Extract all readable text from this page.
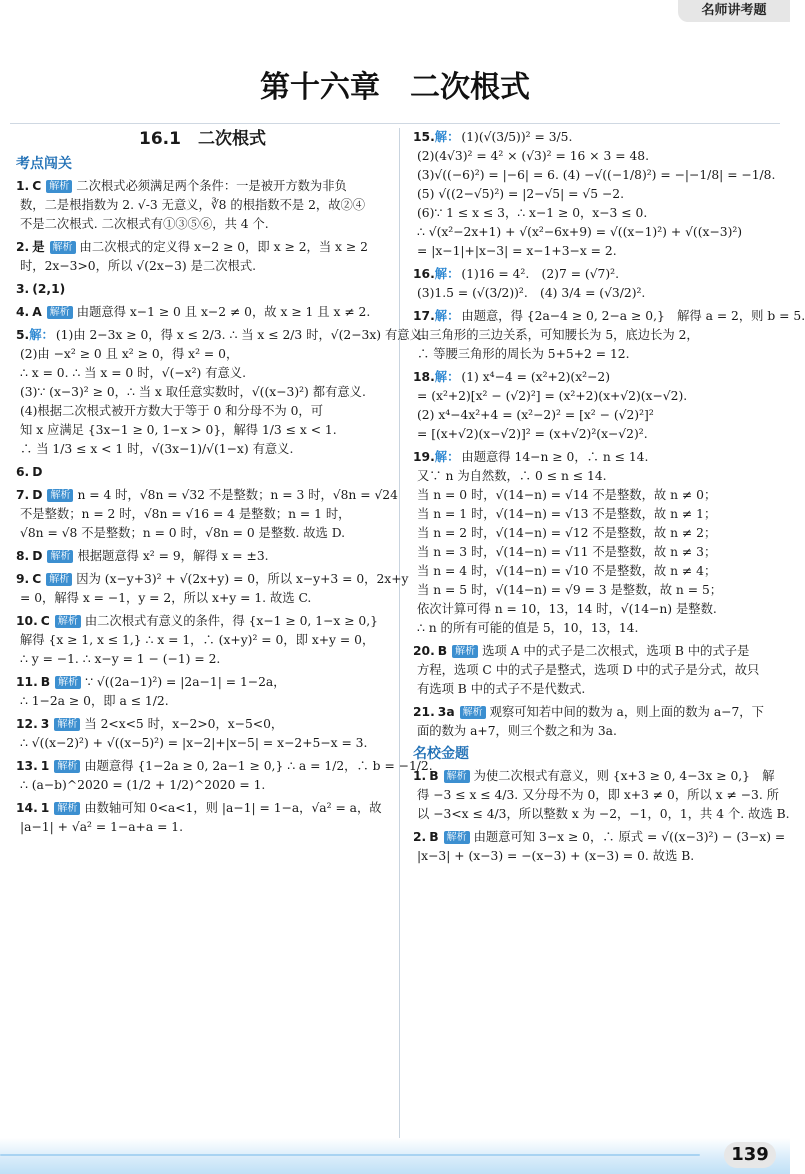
名师讲考题
第十六章　二次根式
16.1　二次根式
考点闯关
1. C 解析 二次根式必须满足两个条件：一是被开方数为非负
数，二是根指数为 2. √-3 无意义，∛8 的根指数不是 2，故②④
不是二次根式. 二次根式有①③⑤⑥，共 4 个.
2. 是 解析 由二次根式的定义得 x−2 ≥ 0，即 x ≥ 2，当 x ≥ 2
时，2x−3>0，所以 √(2x−3) 是二次根式.
3. (2,1)
4. A 解析 由题意得 x−1 ≥ 0 且 x−2 ≠ 0，故 x ≥ 1 且 x ≠ 2.
5.解： (1)由 2−3x ≥ 0，得 x ≤ 2/3. ∴ 当 x ≤ 2/3 时，√(2−3x) 有意义.
(2)由 −x² ≥ 0 且 x² ≥ 0，得 x² = 0，
∴ x = 0. ∴ 当 x = 0 时，√(−x²) 有意义.
(3)∵ (x−3)² ≥ 0，∴ 当 x 取任意实数时，√((x−3)²) 都有意义.
(4)根据二次根式被开方数大于等于 0 和分母不为 0，可
知 x 应满足 {3x−1 ≥ 0, 1−x > 0}，解得 1/3 ≤ x < 1.
∴ 当 1/3 ≤ x < 1 时，√(3x−1)/√(1−x) 有意义.
6. D
7. D 解析 n = 4 时，√8n = √32 不是整数；n = 3 时，√8n = √24
不是整数；n = 2 时，√8n = √16 = 4 是整数；n = 1 时，
√8n = √8 不是整数；n = 0 时，√8n = 0 是整数. 故选 D.
8. D 解析 根据题意得 x² = 9，解得 x = ±3.
9. C 解析 因为 (x−y+3)² + √(2x+y) = 0，所以 x−y+3 = 0，2x+y
= 0，解得 x = −1，y = 2，所以 x+y = 1. 故选 C.
10. C 解析 由二次根式有意义的条件，得 {x−1 ≥ 0, 1−x ≥ 0,}
解得 {x ≥ 1, x ≤ 1,} ∴ x = 1，∴ (x+y)² = 0，即 x+y = 0，
∴ y = −1. ∴ x−y = 1 − (−1) = 2.
11. B 解析 ∵ √((2a−1)²) = |2a−1| = 1−2a，
∴ 1−2a ≥ 0，即 a ≤ 1/2.
12. 3 解析 当 2<x<5 时，x−2>0，x−5<0，
∴ √((x−2)²) + √((x−5)²) = |x−2|+|x−5| = x−2+5−x = 3.
13. 1 解析 由题意得 {1−2a ≥ 0, 2a−1 ≥ 0,} ∴ a = 1/2，∴ b = −1/2.
∴ (a−b)^2020 = (1/2 + 1/2)^2020 = 1.
14. 1 解析 由数轴可知 0<a<1，则 |a−1| = 1−a，√a² = a，故
|a−1| + √a² = 1−a+a = 1.
15.解： (1)(√(3/5))² = 3/5.
(2)(4√3)² = 4² × (√3)² = 16 × 3 = 48.
(3)√((−6)²) = |−6| = 6. (4) −√((−1/8)²) = −|−1/8| = −1/8.
(5) √((2−√5)²) = |2−√5| = √5 −2.
(6)∵ 1 ≤ x ≤ 3，∴ x−1 ≥ 0，x−3 ≤ 0.
∴ √(x²−2x+1) + √(x²−6x+9) = √((x−1)²) + √((x−3)²)
= |x−1|+|x−3| = x−1+3−x = 2.
16.解： (1)16 = 4².　(2)7 = (√7)².
(3)1.5 = (√(3/2))².　(4) 3/4 = (√3/2)².
17.解： 由题意，得 {2a−4 ≥ 0, 2−a ≥ 0,}　解得 a = 2，则 b = 5.
由三角形的三边关系，可知腰长为 5，底边长为 2，
∴ 等腰三角形的周长为 5+5+2 = 12.
18.解： (1) x⁴−4 = (x²+2)(x²−2)
= (x²+2)[x² − (√2)²] = (x²+2)(x+√2)(x−√2).
(2) x⁴−4x²+4 = (x²−2)² = [x² − (√2)²]²
= [(x+√2)(x−√2)]² = (x+√2)²(x−√2)².
19.解： 由题意得 14−n ≥ 0，∴ n ≤ 14.
又∵ n 为自然数，∴ 0 ≤ n ≤ 14.
当 n = 0 时，√(14−n) = √14 不是整数，故 n ≠ 0；
当 n = 1 时，√(14−n) = √13 不是整数，故 n ≠ 1；
当 n = 2 时，√(14−n) = √12 不是整数，故 n ≠ 2；
当 n = 3 时，√(14−n) = √11 不是整数，故 n ≠ 3；
当 n = 4 时，√(14−n) = √10 不是整数，故 n ≠ 4；
当 n = 5 时，√(14−n) = √9 = 3 是整数，故 n = 5；
依次计算可得 n = 10，13，14 时，√(14−n) 是整数.
∴ n 的所有可能的值是 5，10，13，14.
20. B 解析 选项 A 中的式子是二次根式，选项 B 中的式子是
方程，选项 C 中的式子是整式，选项 D 中的式子是分式，故只
有选项 B 中的式子不是代数式.
21. 3a 解析 观察可知若中间的数为 a，则上面的数为 a−7，下
面的数为 a+7，则三个数之和为 3a.
名校金题
1. B 解析 为使二次根式有意义，则 {x+3 ≥ 0, 4−3x ≥ 0,}　解
得 −3 ≤ x ≤ 4/3. 又分母不为 0，即 x+3 ≠ 0，所以 x ≠ −3. 所
以 −3<x ≤ 4/3，所以整数 x 为 −2，−1，0，1，共 4 个. 故选 B.
2. B 解析 由题意可知 3−x ≥ 0，∴ 原式 = √((x−3)²) − (3−x) =
|x−3| + (x−3) = −(x−3) + (x−3) = 0. 故选 B.
139
